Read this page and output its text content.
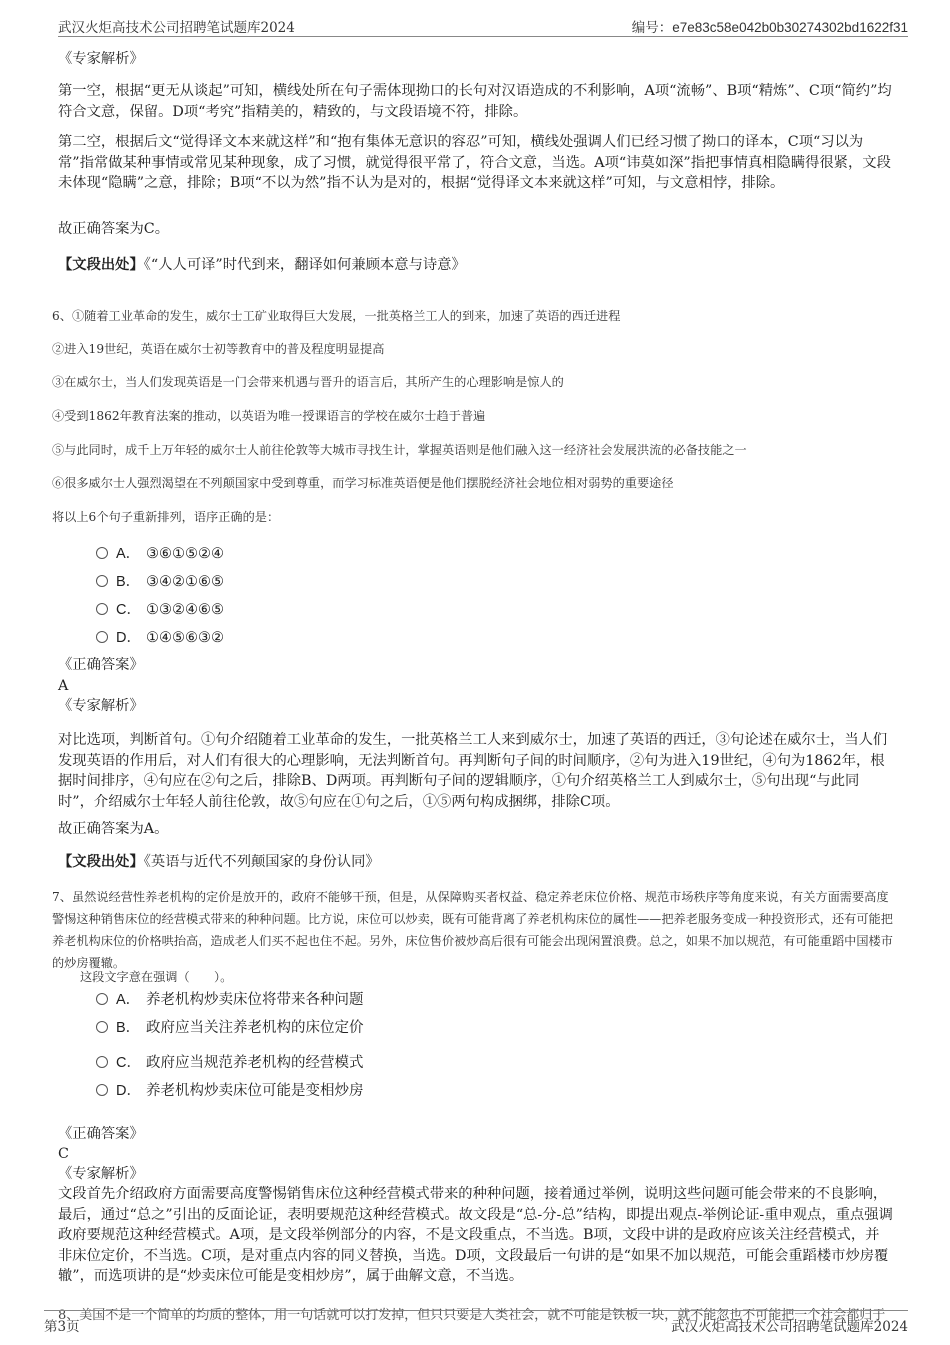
武汉火炬高技术公司招聘笔试题库2024	编号：e7e83c58e042b0b30274302bd1622f31

《专家解析》

第一空，根据“更无从谈起”可知，横线处所在句子需体现拗口的长句对汉语造成的不利影响，A项“流畅”、B项“精炼”、C项“简约”均符合文意，保留。D项“考究”指精美的，精致的，与文段语境不符，排除。

第二空，根据后文“觉得译文本来就这样”和“抱有集体无意识的容忍”可知，横线处强调人们已经习惯了拗口的译本，C项“习以为常”指常做某种事情或常见某种现象，成了习惯，就觉得很平常了，符合文意，当选。A项“讳莫如深”指把事情真相隐瞒得很紧，文段未体现“隐瞒”之意，排除；B项“不以为然”指不认为是对的，根据“觉得译文本来就这样”可知，与文意相悖，排除。

故正确答案为C。

【文段出处】《“人人可译”时代到来，翻译如何兼顾本意与诗意》

6、①随着工业革命的发生，威尔士工矿业取得巨大发展，一批英格兰工人的到来，加速了英语的西迁进程

②进入19世纪，英语在威尔士初等教育中的普及程度明显提高

③在威尔士，当人们发现英语是一门会带来机遇与晋升的语言后，其所产生的心理影响是惊人的

④受到1862年教育法案的推动，以英语为唯一授课语言的学校在威尔士趋于普遍

⑤与此同时，成千上万年轻的威尔士人前往伦敦等大城市寻找生计，掌握英语则是他们融入这一经济社会发展洪流的必备技能之一

⑥很多威尔士人强烈渴望在不列颠国家中受到尊重，而学习标准英语便是他们摆脱经济社会地位相对弱势的重要途径

将以上6个句子重新排列，语序正确的是：

A． ③⑥①⑤②④
B． ③④②①⑥⑤
C． ①③②④⑥⑤
D． ①④⑤⑥③②

《正确答案》

A

《专家解析》

对比选项，判断首句。①句介绍随着工业革命的发生，一批英格兰工人来到威尔士，加速了英语的西迁，③句论述在威尔士，当人们发现英语的作用后，对人们有很大的心理影响，无法判断首句。再判断句子间的时间顺序，②句为进入19世纪，④句为1862年，根据时间排序，④句应在②句之后，排除B、D两项。再判断句子间的逻辑顺序，①句介绍英格兰工人到威尔士，⑤句出现“与此同时”，介绍威尔士年轻人前往伦敦，故⑤句应在①句之后，①⑤两句构成捆绑，排除C项。

故正确答案为A。

【文段出处】《英语与近代不列颠国家的身份认同》

7、虽然说经营性养老机构的定价是放开的，政府不能够干预，但是，从保障购买者权益、稳定养老床位价格、规范市场秩序等角度来说，有关方面需要高度警惕这种销售床位的经营模式带来的种种问题。比方说，床位可以炒卖，既有可能背离了养老机构床位的属性——把养老服务变成一种投资形式，还有可能把养老机构床位的价格哄抬高，造成老人们买不起也住不起。另外，床位售价被炒高后很有可能会出现闲置浪费。总之，如果不加以规范，有可能重蹈中国楼市的炒房覆辙。

这段文字意在强调（　　）。

A． 养老机构炒卖床位将带来各种问题
B． 政府应当关注养老机构的床位定价
C． 政府应当规范养老机构的经营模式
D． 养老机构炒卖床位可能是变相炒房

《正确答案》

C

《专家解析》

文段首先介绍政府方面需要高度警惕销售床位这种经营模式带来的种种问题，接着通过举例，说明这些问题可能会带来的不良影响，最后，通过“总之”引出的反面论证，表明要规范这种经营模式。故文段是“总-分-总”结构，即提出观点-举例论证-重申观点，重点强调政府要规范这种经营模式。A项，是文段举例部分的内容，不是文段重点，不当选。B项，文段中讲的是政府应该关注经营模式，并非床位定价，不当选。C项，是对重点内容的同义替换，当选。D项，文段最后一句讲的是“如果不加以规范，可能会重蹈楼市炒房覆辙”，而选项讲的是“炒卖床位可能是变相炒房”，属于曲解文意，不当选。

8、美国不是一个简单的均质的整体，用一句话就可以打发掉，但只只要是人类社会，就不可能是铁板一块，就不能忽也不可能把一个社会都归于

第3页	武汉火炬高技术公司招聘笔试题库2024
